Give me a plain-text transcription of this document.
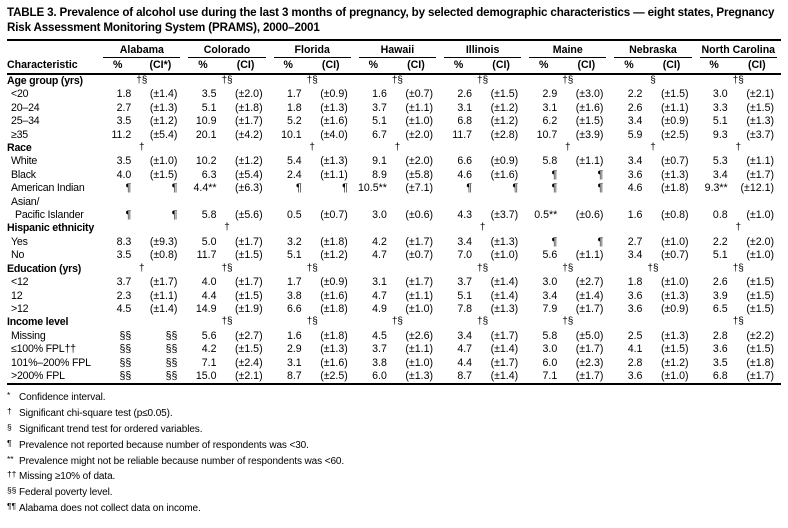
TABLE 3. Prevalence of alcohol use during the last 3 months of pregnancy, by selected demographic characteristics — eight states, Pregnancy Risk Assessment Monitoring System (PRAMS), 2000–2001

	Alabama		Colorado		Florida		Hawaii		Illinois		Maine		Nebraska		North Carolina	

Characteristic	%	(CI*)	%	(CI)	%	(CI)	%	(CI)	%	(CI)	%	(CI)	%	(CI)	%	(CI)
Age group (yrs)	†§		†§		†§		†§		†§		†§		§		†§	
<20	1.8	(±1.4)	3.5	(±2.0)	1.7	(±0.9)	1.6	(±0.7)	2.6	(±1.5)	2.9	(±3.0)	2.2	(±1.5)	3.0	(±2.1)
20–24	2.7	(±1.3)	5.1	(±1.8)	1.8	(±1.3)	3.7	(±1.1)	3.1	(±1.2)	3.1	(±1.6)	2.6	(±1.1)	3.3	(±1.5)
25–34	3.5	(±1.2)	10.9	(±1.7)	5.2	(±1.6)	5.1	(±1.0)	6.8	(±1.2)	6.2	(±1.5)	3.4	(±0.9)	5.1	(±1.3)
≥35	11.2	(±5.4)	20.1	(±4.2)	10.1	(±4.0)	6.7	(±2.0)	11.7	(±2.8)	10.7	(±3.9)	5.9	(±2.5)	9.3	(±3.7)
Race	†				†		†				†		†		†	
White	3.5	(±1.0)	10.2	(±1.2)	5.4	(±1.3)	9.1	(±2.0)	6.6	(±0.9)	5.8	(±1.1)	3.4	(±0.7)	5.3	(±1.1)
Black	4.0	(±1.5)	6.3	(±5.4)	2.4	(±1.1)	8.9	(±5.8)	4.6	(±1.6)	¶	¶	3.6	(±1.3)	3.4	(±1.7)
American Indian	¶	¶	4.4**	(±6.3)	¶	¶	10.5**	(±7.1)	¶	¶	¶	¶	4.6	(±1.8)	9.3**	(±12.1)
Asian/																
Pacific Islander	¶	¶	5.8	(±5.6)	0.5	(±0.7)	3.0	(±0.6)	4.3	(±3.7)	0.5**	(±0.6)	1.6	(±0.8)	0.8	(±1.0)
Hispanic ethnicity			†						†						†	
Yes	8.3	(±9.3)	5.0	(±1.7)	3.2	(±1.8)	4.2	(±1.7)	3.4	(±1.3)	¶	¶	2.7	(±1.0)	2.2	(±2.0)
No	3.5	(±0.8)	11.7	(±1.5)	5.1	(±1.2)	4.7	(±0.7)	7.0	(±1.0)	5.6	(±1.1)	3.4	(±0.7)	5.1	(±1.0)
Education (yrs)	†		†§		†§				†§		†§		†§		†§	
<12	3.7	(±1.7)	4.0	(±1.7)	1.7	(±0.9)	3.1	(±1.7)	3.7	(±1.4)	3.0	(±2.7)	1.8	(±1.0)	2.6	(±1.5)
12	2.3	(±1.1)	4.4	(±1.5)	3.8	(±1.6)	4.7	(±1.1)	5.1	(±1.4)	3.4	(±1.4)	3.6	(±1.3)	3.9	(±1.5)
>12	4.5	(±1.4)	14.9	(±1.9)	6.6	(±1.8)	4.9	(±1.0)	7.8	(±1.3)	7.9	(±1.7)	3.6	(±0.9)	6.5	(±1.5)
Income level			†§		†§		†§		†§		†§				†§	
Missing	§§	§§	5.6	(±2.7)	1.6	(±1.8)	4.5	(±2.6)	3.4	(±1.7)	5.8	(±5.0)	2.5	(±1.3)	2.8	(±2.2)
≤100% FPL††	§§	§§	4.2	(±1.5)	2.9	(±1.3)	3.7	(±1.1)	4.7	(±1.4)	3.0	(±1.7)	4.1	(±1.5)	3.6	(±1.5)
101%–200% FPL	§§	§§	7.1	(±2.4)	3.1	(±1.6)	3.8	(±1.0)	4.4	(±1.7)	6.0	(±2.3)	2.8	(±1.2)	3.5	(±1.8)
>200% FPL	§§	§§	15.0	(±2.1)	8.7	(±2.5)	6.0	(±1.3)	8.7	(±1.4)	7.1	(±1.7)	3.6	(±1.0)	6.8	(±1.7)
* Confidence interval.
† Significant chi-square test (p≤0.05).
§ Significant trend test for ordered variables.
¶ Prevalence not reported because number of respondents was <30.
** Prevalence might not be reliable because number of respondents was <60.
†† Missing ≥10% of data.
§§ Federal poverty level.
¶¶ Alabama does not collect data on income.
